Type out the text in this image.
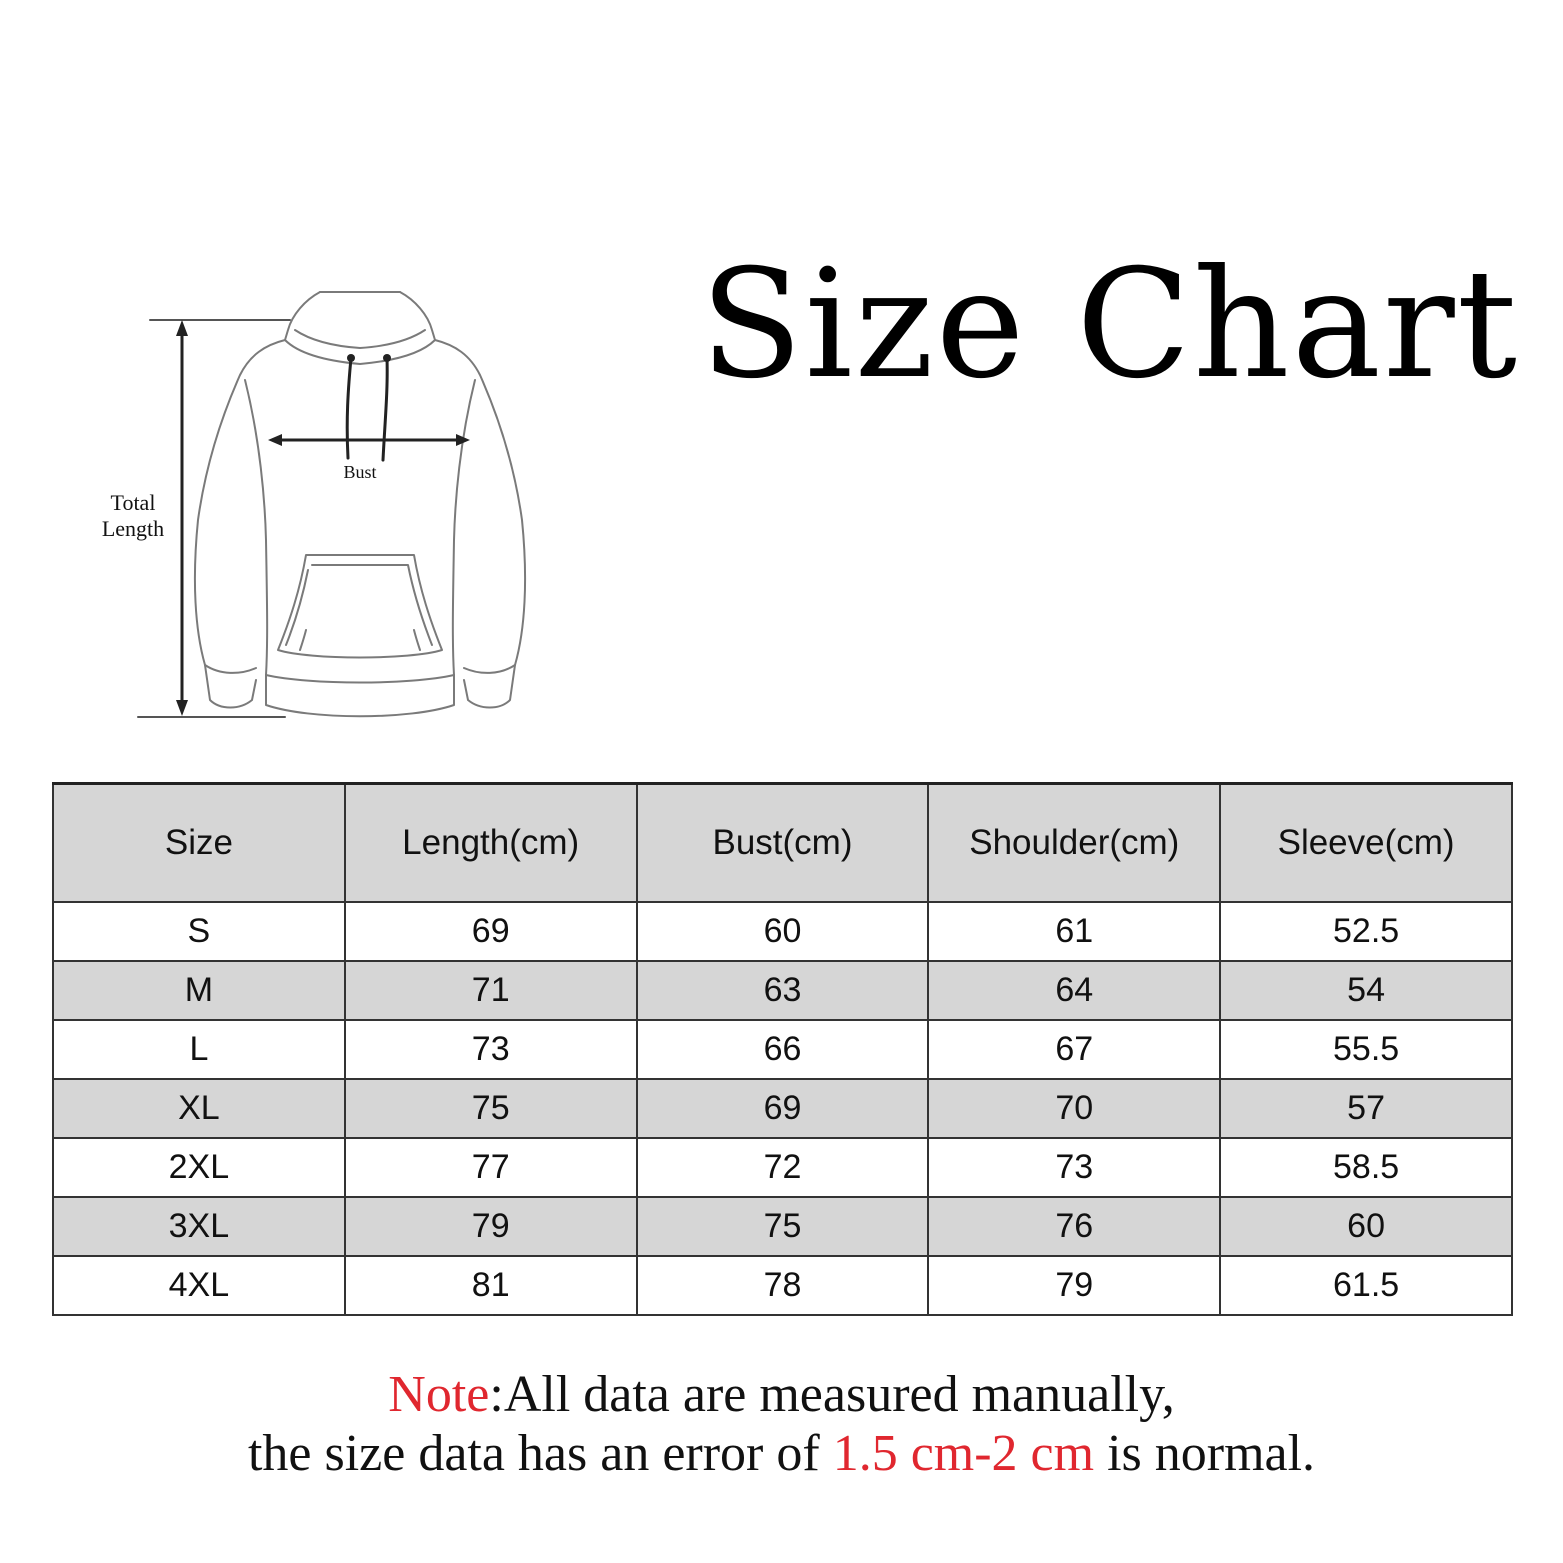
Size Chart
Total
Length
Bust
Size	Length(cm)	Bust(cm)	Shoulder(cm)	Sleeve(cm)
S	69	60	61	52.5
M	71	63	64	54
L	73	66	67	55.5
XL	75	69	70	57
2XL	77	72	73	58.5
3XL	79	75	76	60
4XL	81	78	79	61.5
Note:All data are measured manually,
the size data has an error of 1.5 cm-2 cm is normal.
